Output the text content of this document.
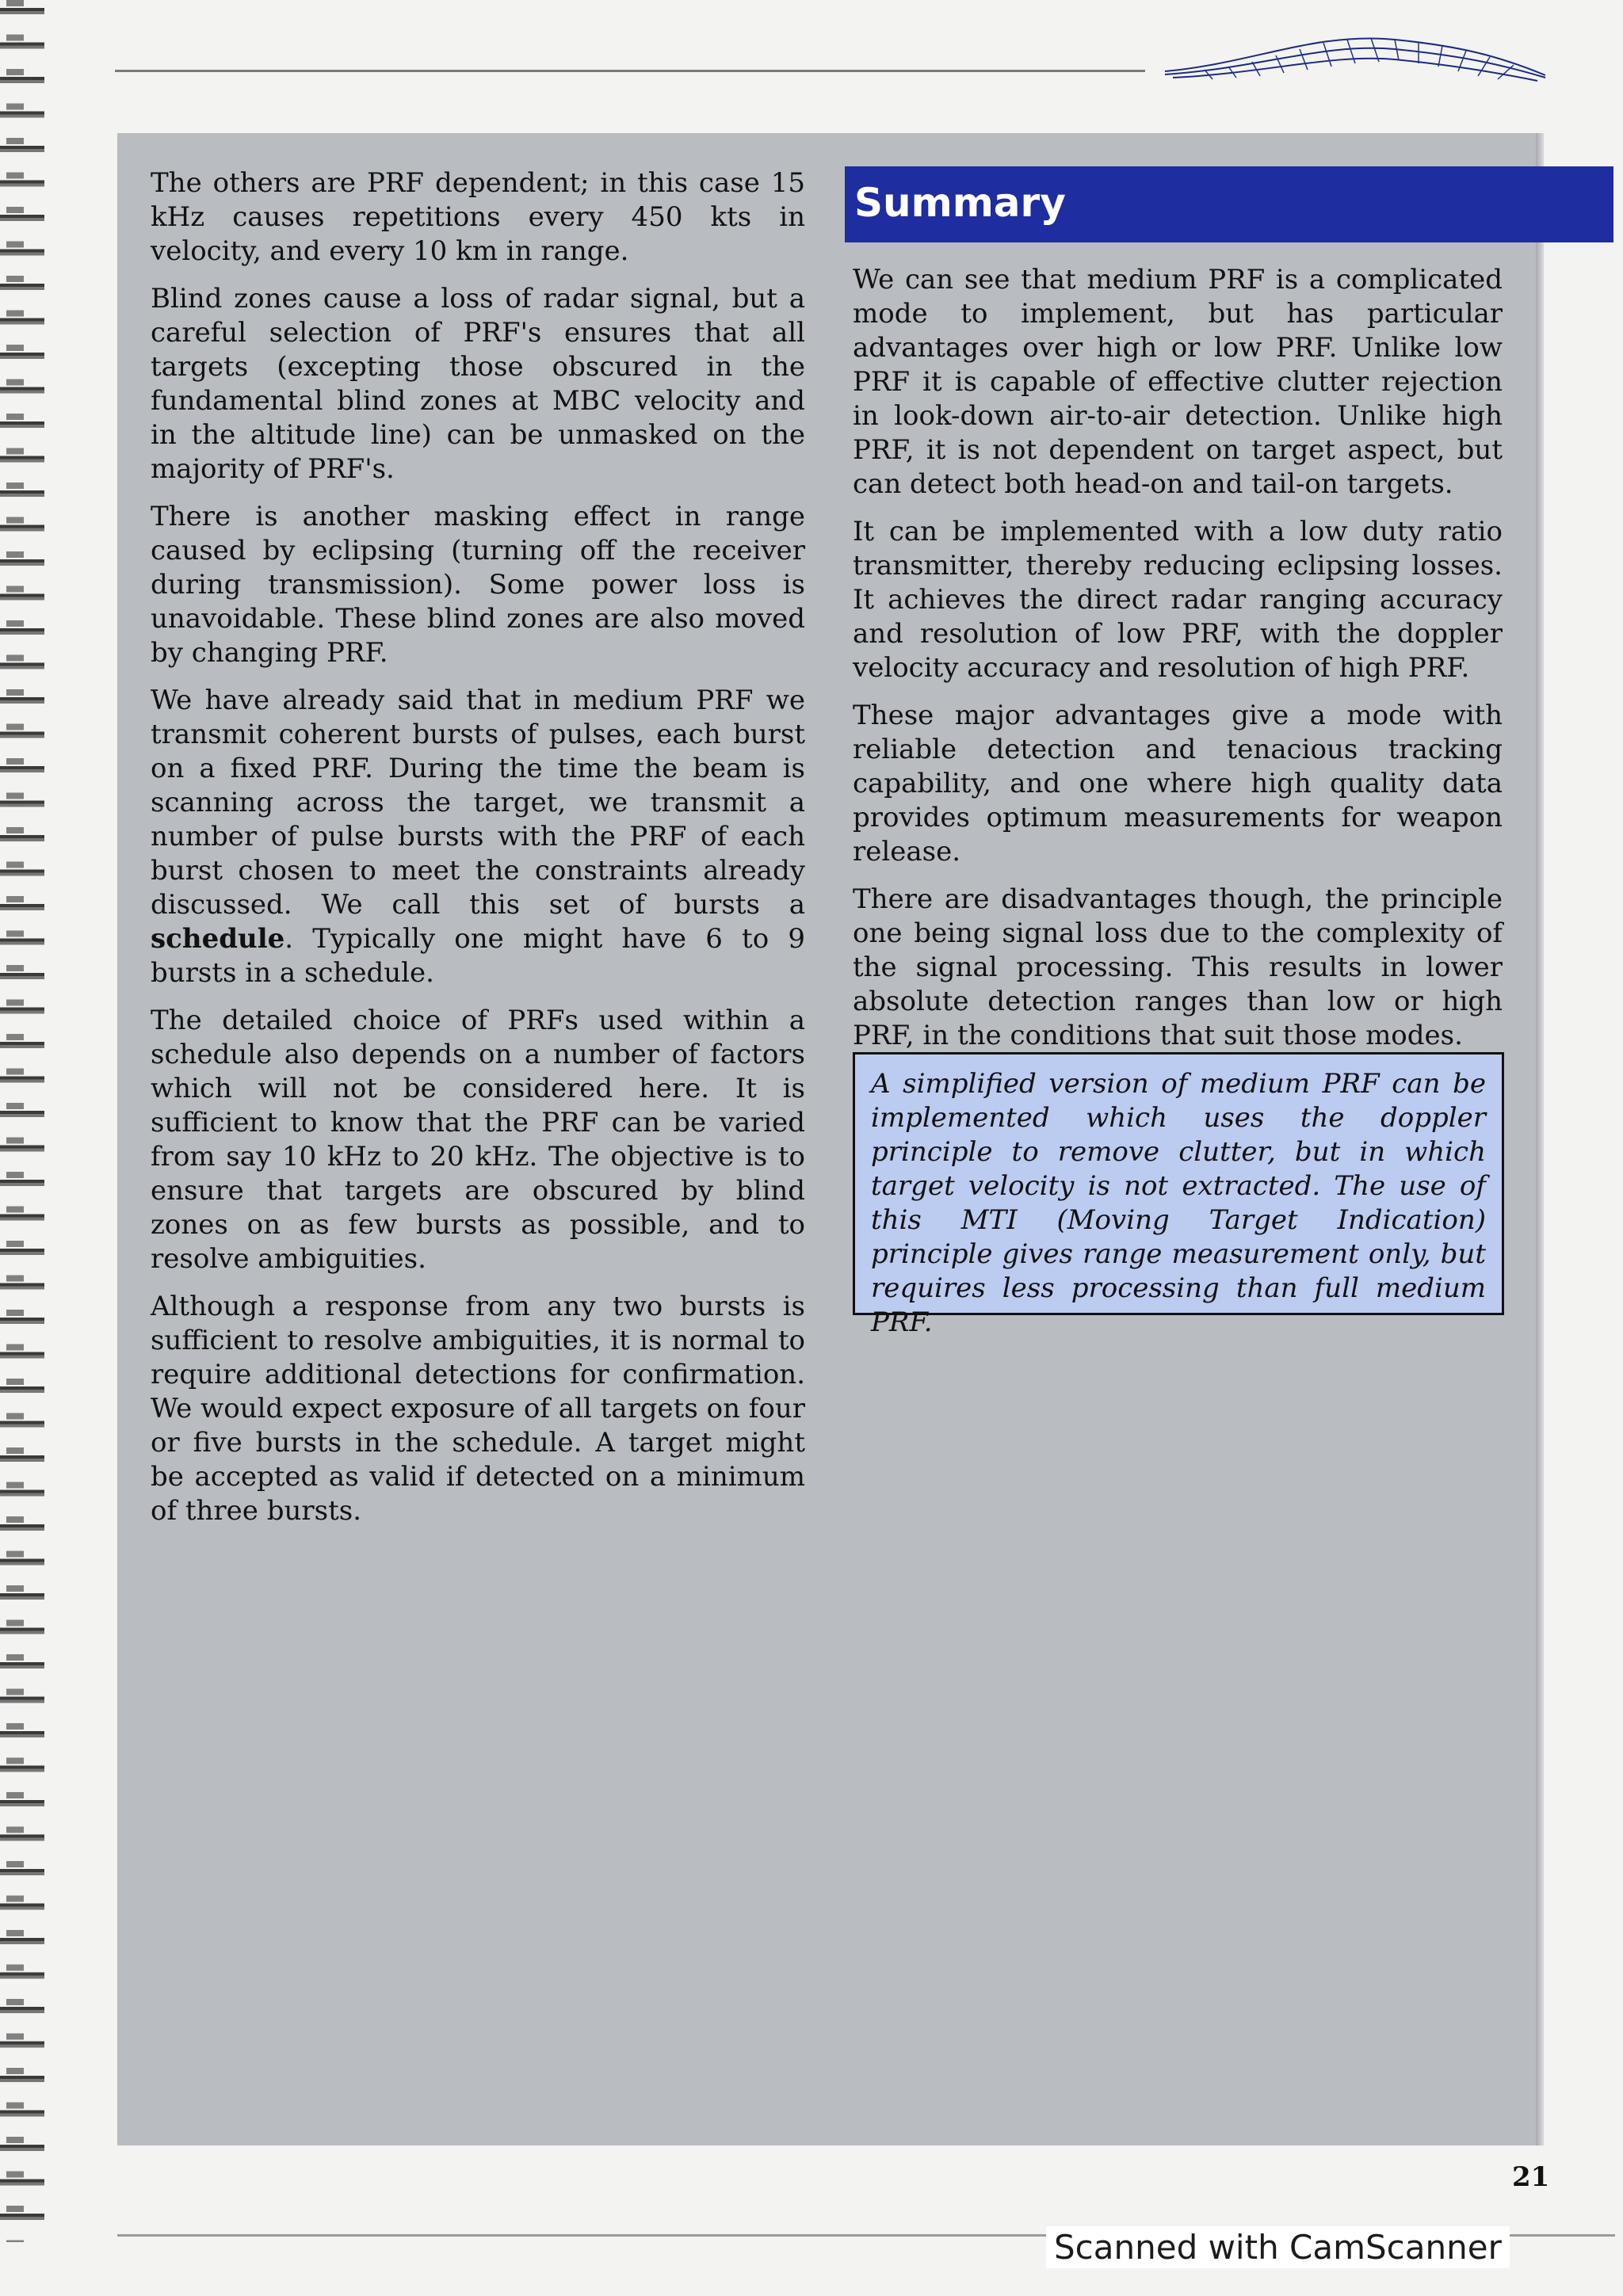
The others are PRF dependent; in this case 15 kHz causes repetitions every 450 kts in velocity, and every 10 km in range.

Blind zones cause a loss of radar signal, but a careful selection of PRF's ensures that all targets (excepting those obscured in the fundamental blind zones at MBC velocity and in the altitude line) can be unmasked on the majority of PRF's.

There is another masking effect in range caused by eclipsing (turning off the receiver during transmission). Some power loss is unavoidable. These blind zones are also moved by changing PRF.

We have already said that in medium PRF we transmit coherent bursts of pulses, each burst on a fixed PRF. During the time the beam is scanning across the target, we transmit a number of pulse bursts with the PRF of each burst chosen to meet the constraints already discussed. We call this set of bursts a schedule. Typically one might have 6 to 9 bursts in a schedule.

The detailed choice of PRFs used within a schedule also depends on a number of factors which will not be considered here. It is sufficient to know that the PRF can be varied from say 10 kHz to 20 kHz. The objective is to ensure that targets are obscured by blind zones on as few bursts as possible, and to resolve ambiguities.

Although a response from any two bursts is sufficient to resolve ambiguities, it is normal to require additional detections for confirmation. We would expect exposure of all targets on four or five bursts in the schedule. A target might be accepted as valid if detected on a minimum of three bursts.

Summary

We can see that medium PRF is a complicated mode to implement, but has particular advantages over high or low PRF. Unlike low PRF it is capable of effective clutter rejection in look-down air-to-air detection. Unlike high PRF, it is not dependent on target aspect, but can detect both head-on and tail-on targets.

It can be implemented with a low duty ratio transmitter, thereby reducing eclipsing losses. It achieves the direct radar ranging accuracy and resolution of low PRF, with the doppler velocity accuracy and resolution of high PRF.

These major advantages give a mode with reliable detection and tenacious tracking capability, and one where high quality data provides optimum measurements for weapon release.

There are disadvantages though, the principle one being signal loss due to the complexity of the signal processing. This results in lower absolute detection ranges than low or high PRF, in the conditions that suit those modes.

A simplified version of medium PRF can be implemented which uses the doppler principle to remove clutter, but in which target velocity is not extracted. The use of this MTI (Moving Target Indication) principle gives range measurement only, but requires less processing than full medium PRF.

21
Scanned with CamScanner
